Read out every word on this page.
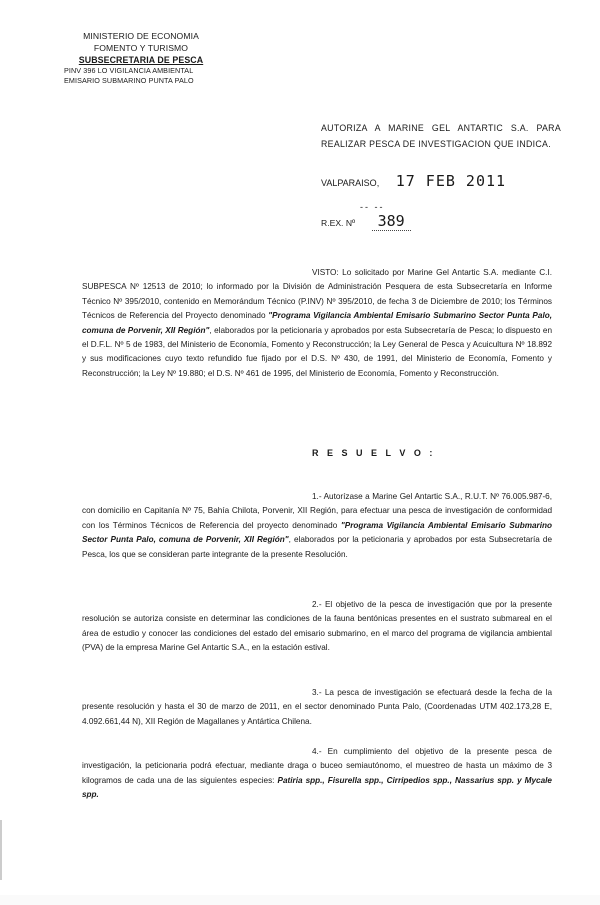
MINISTERIO DE ECONOMIA
FOMENTO Y TURISMO
SUBSECRETARIA DE PESCA
PINV 396 LO VIGILANCIA AMBIENTAL
EMISARIO SUBMARINO PUNTA PALO
AUTORIZA A MARINE GEL ANTARTIC S.A. PARA REALIZAR PESCA DE INVESTIGACION QUE INDICA.
VALPARAISO, 17 FEB 2011
-- --
R.EX. Nº 389
VISTO: Lo solicitado por Marine Gel Antartic S.A. mediante C.I. SUBPESCA Nº 12513 de 2010; lo informado por la División de Administración Pesquera de esta Subsecretaría en Informe Técnico Nº 395/2010, contenido en Memorándum Técnico (P.INV) Nº 395/2010, de fecha 3 de Diciembre de 2010; los Términos Técnicos de Referencia del Proyecto denominado "Programa Vigilancia Ambiental Emisario Submarino Sector Punta Palo, comuna de Porvenir, XII Región", elaborados por la peticionaria y aprobados por esta Subsecretaría de Pesca; lo dispuesto en el D.F.L. Nº 5 de 1983, del Ministerio de Economía, Fomento y Reconstrucción; la Ley General de Pesca y Acuicultura Nº 18.892 y sus modificaciones cuyo texto refundido fue fijado por el D.S. Nº 430, de 1991, del Ministerio de Economía, Fomento y Reconstrucción; la Ley Nº 19.880; el D.S. Nº 461 de 1995, del Ministerio de Economía, Fomento y Reconstrucción.
R E S U E L V O :
1.- Autorízase a Marine Gel Antartic S.A., R.U.T. Nº 76.005.987-6, con domicilio en Capitanía Nº 75, Bahía Chilota, Porvenir, XII Región, para efectuar una pesca de investigación de conformidad con los Términos Técnicos de Referencia del proyecto denominado "Programa Vigilancia Ambiental Emisario Submarino Sector Punta Palo, comuna de Porvenir, XII Región", elaborados por la peticionaria y aprobados por esta Subsecretaría de Pesca, los que se consideran parte integrante de la presente Resolución.
2.- El objetivo de la pesca de investigación que por la presente resolución se autoriza consiste en determinar las condiciones de la fauna bentónicas presentes en el sustrato submareal en el área de estudio y conocer las condiciones del estado del emisario submarino, en el marco del programa de vigilancia ambiental (PVA) de la empresa Marine Gel Antartic S.A., en la estación estival.
3.- La pesca de investigación se efectuará desde la fecha de la presente resolución y hasta el 30 de marzo de 2011, en el sector denominado Punta Palo, (Coordenadas UTM 402.173,28 E, 4.092.661,44 N), XII Región de Magallanes y Antártica Chilena.
4.- En cumplimiento del objetivo de la presente pesca de investigación, la peticionaria podrá efectuar, mediante draga o buceo semiautónomo, el muestreo de hasta un máximo de 3 kilogramos de cada una de las siguientes especies: Patiria spp., Fisurella spp., Cirripedios spp., Nassarius spp. y Mycale spp.
